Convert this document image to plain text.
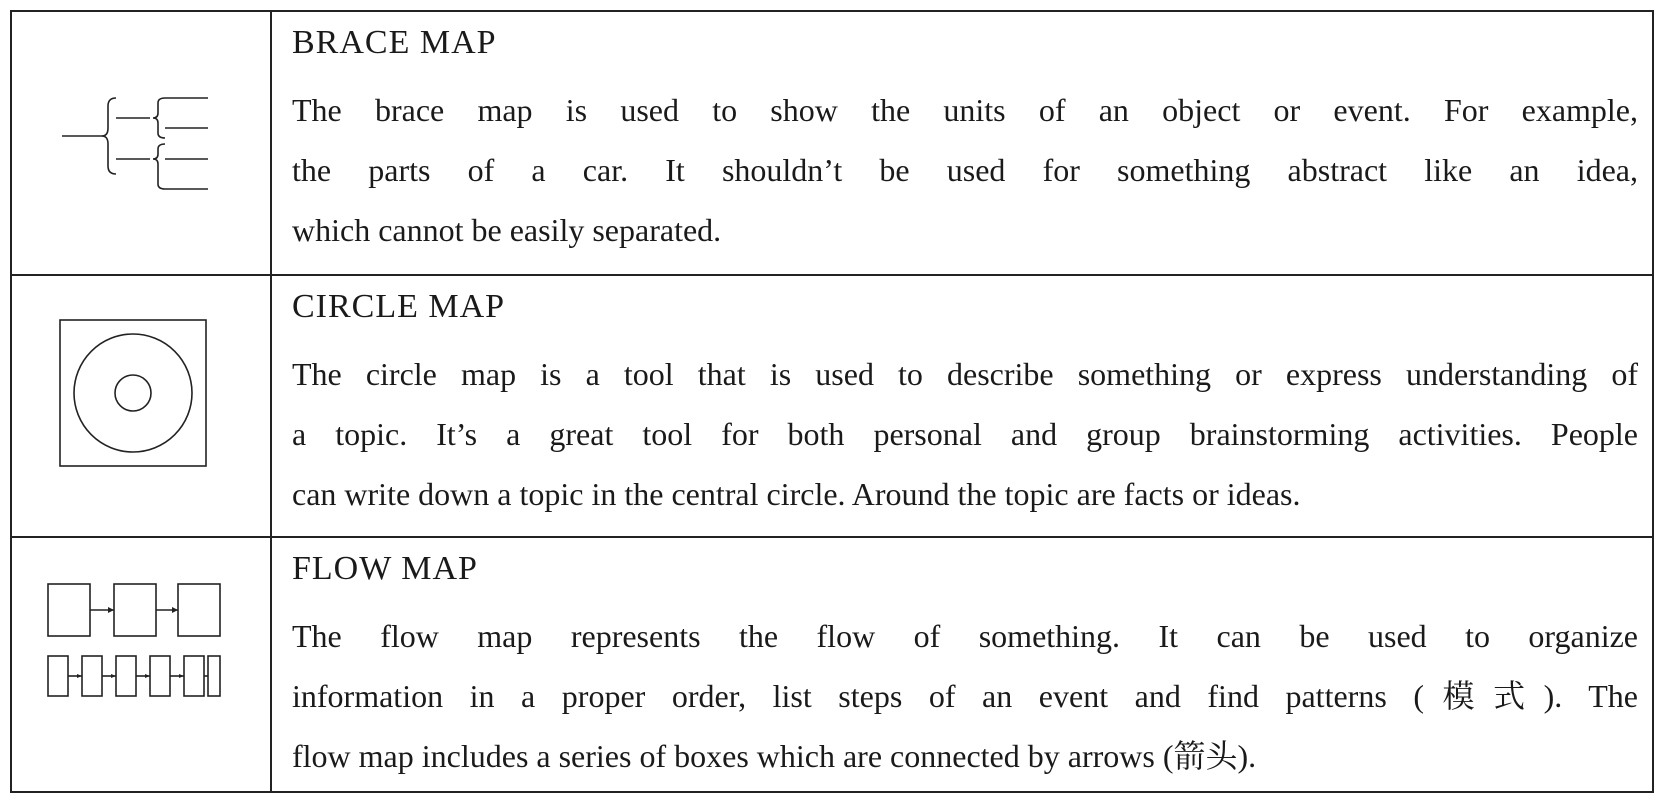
BRACE MAP
The brace map is used to show the units of an object or event. For example,
the parts of a car. It shouldn’t be used for something abstract like an idea,
which cannot be easily separated.
CIRCLE MAP
The circle map is a tool that is used to describe something or express understanding of
a topic. It’s a great tool for both personal and group brainstorming activities. People
can write down a topic in the central circle. Around the topic are facts or ideas.
FLOW MAP
The flow map represents the flow of something. It can be used to organize
information in a proper order, list steps of an event and find patterns (模式). The
flow map includes a series of boxes which are connected by arrows (箭头).
